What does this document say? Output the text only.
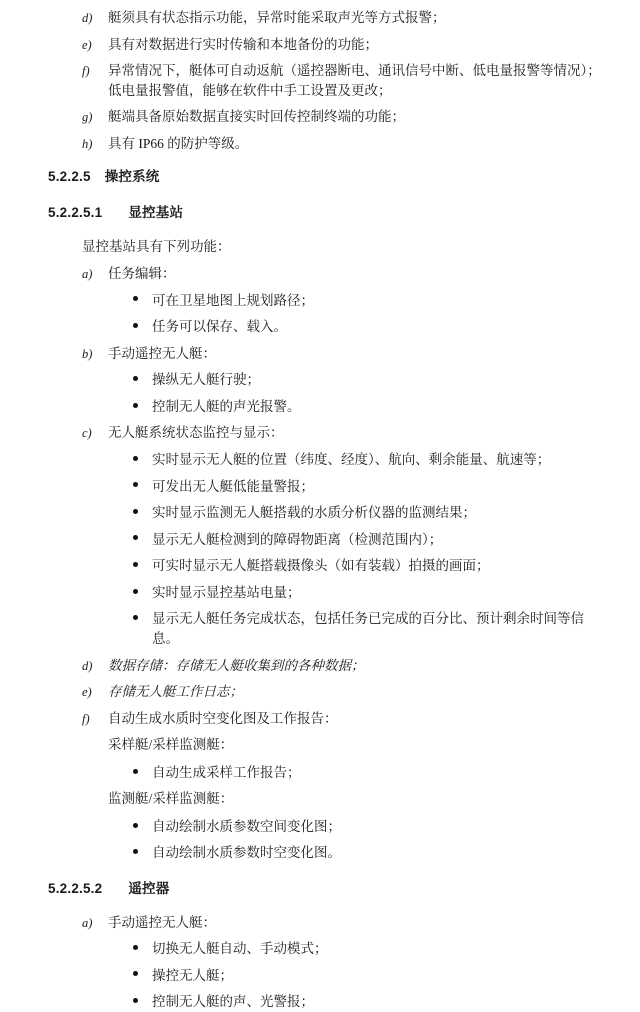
d)	艇须具有状态指示功能，异常时能采取声光等方式报警；
e)	具有对数据进行实时传输和本地备份的功能；
f)	异常情况下，艇体可自动返航（遥控器断电、通讯信号中断、低电量报警等情况）；低电量报警值，能够在软件中手工设置及更改；
g)	艇端具备原始数据直接实时回传控制终端的功能；
h)	具有 IP66 的防护等级。
5.2.2.5 操控系统
5.2.2.5.1 显控基站
显控基站具有下列功能：
a)	任务编辑：
可在卫星地图上规划路径；
任务可以保存、载入。
b)	手动遥控无人艇：
操纵无人艇行驶；
控制无人艇的声光报警。
c)	无人艇系统状态监控与显示：
实时显示无人艇的位置（纬度、经度）、航向、剩余能量、航速等；
可发出无人艇低能量警报；
实时显示监测无人艇搭载的水质分析仪器的监测结果；
显示无人艇检测到的障碍物距离（检测范围内）；
可实时显示无人艇搭载摄像头（如有装载）拍摄的画面；
实时显示显控基站电量；
显示无人艇任务完成状态，包括任务已完成的百分比、预计剩余时间等信息。
d)	数据存储：存储无人艇收集到的各种数据；
e)	存储无人艇工作日志；
f)	自动生成水质时空变化图及工作报告：
采样艇/采样监测艇：
自动生成采样工作报告；
监测艇/采样监测艇：
自动绘制水质参数空间变化图；
自动绘制水质参数时空变化图。
5.2.2.5.2 遥控器
a)	手动遥控无人艇：
切换无人艇自动、手动模式；
操控无人艇；
控制无人艇的声、光警报；
